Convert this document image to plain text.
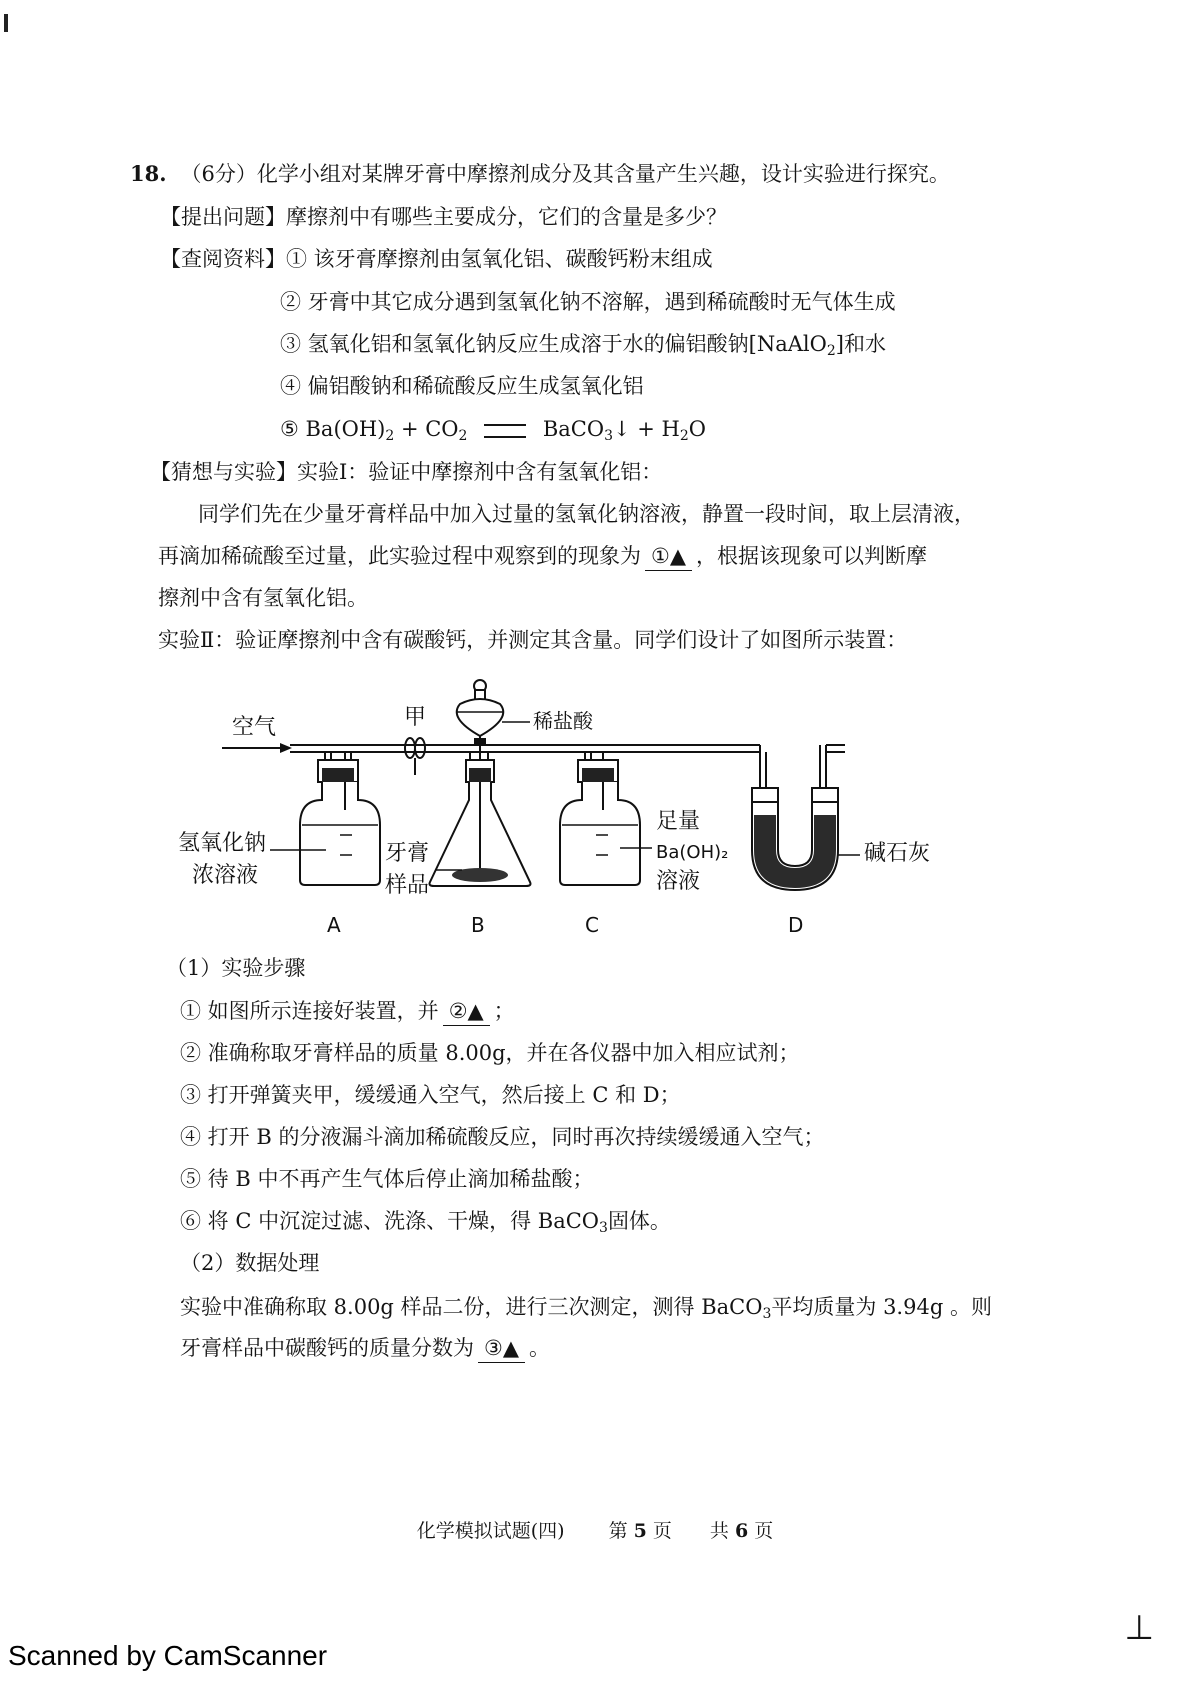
18. （6分）化学小组对某牌牙膏中摩擦剂成分及其含量产生兴趣，设计实验进行探究。
【提出问题】摩擦剂中有哪些主要成分，它们的含量是多少？
【查阅资料】① 该牙膏摩擦剂由氢氧化铝、碳酸钙粉末组成
② 牙膏中其它成分遇到氢氧化钠不溶解，遇到稀硫酸时无气体生成
③ 氢氧化铝和氢氧化钠反应生成溶于水的偏铝酸钠[NaAlO$_2$]和水
④ 偏铝酸钠和稀硫酸反应生成氢氧化铝
⑤ $Ba(OH)_2 + CO_2$	BaCO$_3$↓ + $H_2O$
【猜想与实验】实验Ⅰ：验证中摩擦剂中含有氢氧化铝：
同学们先在少量牙膏样品中加入过量的氢氧化钠溶液，静置一段时间，取上层清液，
再滴加稀硫酸至过量，此实验过程中观察到的现象为 ①▲ ，根据该现象可以判断摩
擦剂中含有氢氧化铝。
实验Ⅱ：验证摩擦剂中含有碳酸钙，并测定其含量。同学们设计了如图所示装置：
空气	甲
氢氧化钠
浓溶液
A
稀盐酸
牙膏
样品
B
足量
Ba(OH)₂
溶液
C
碱石灰
D
（1）实验步骤
① 如图所示连接好装置，并 ②▲ ；
② 准确称取牙膏样品的质量 8.00g，并在各仪器中加入相应试剂；
③ 打开弹簧夹甲，缓缓通入空气，然后接上 C 和 D；
④ 打开 B 的分液漏斗滴加稀硫酸反应，同时再次持续缓缓通入空气；
⑤ 待 B 中不再产生气体后停止滴加稀盐酸；
⑥ 将 C 中沉淀过滤、洗涤、干燥，得 BaCO$_3$固体。
（2）数据处理
实验中准确称取 8.00g 样品二份，进行三次测定，测得 BaCO$_3$平均质量为 3.94g 。则
牙膏样品中碳酸钙的质量分数为 ③▲ 。
化学模拟试题(四)　　 第 5 页　　共 6 页
⊥
Scanned by CamScanner
